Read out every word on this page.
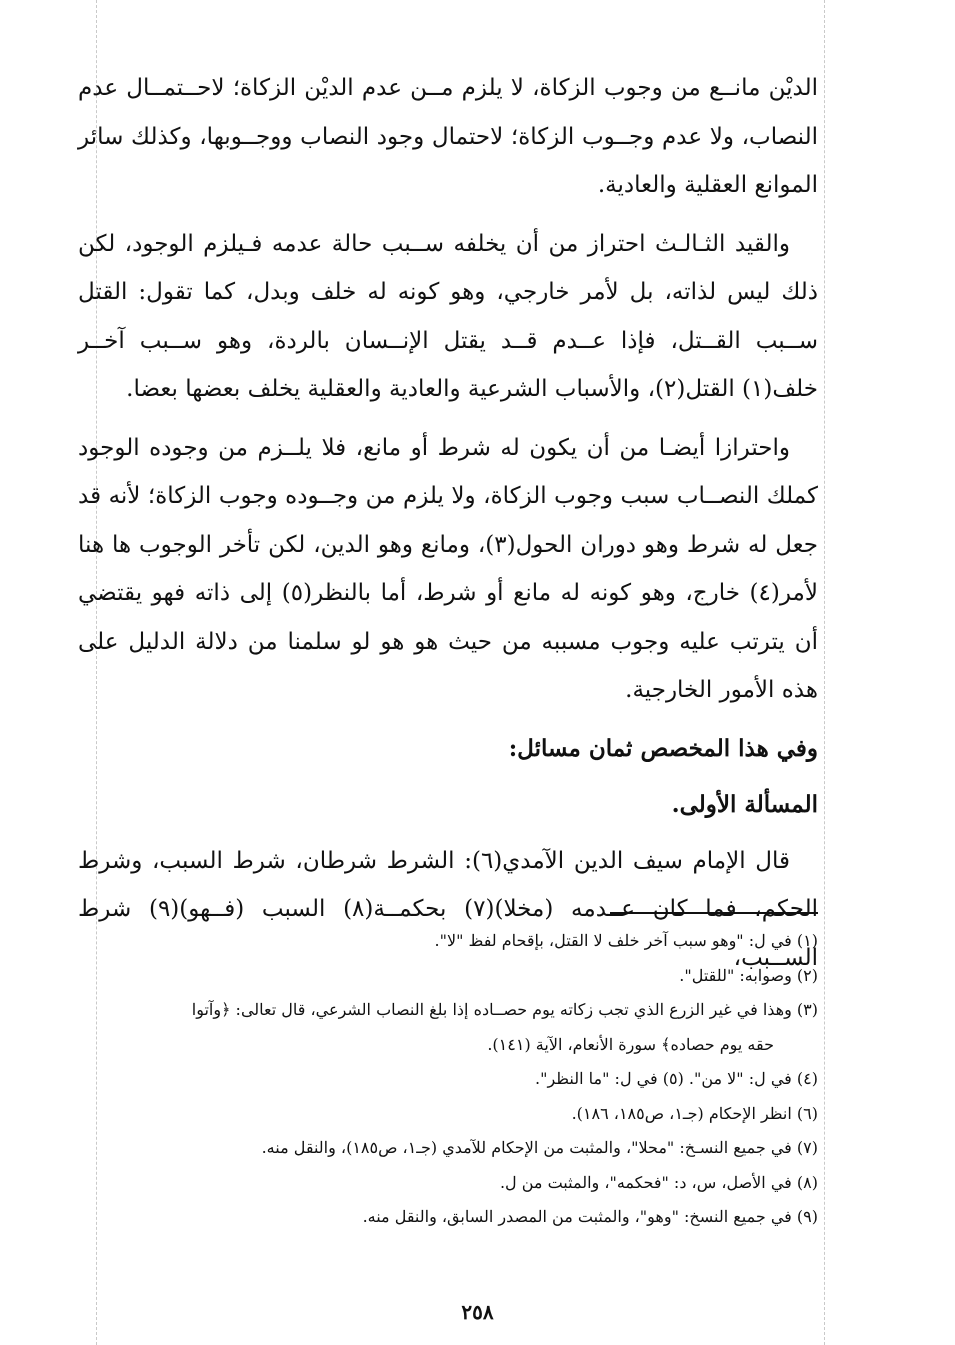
الديْن مانــع من وجوب الزكاة، لا يلزم مــن عدم الديْن الزكاة؛ لاحــتمــال عدم النصاب، ولا عدم وجــوب الزكاة؛ لاحتمال وجود النصاب ووجــوبها، وكذلك سائر الموانع العقلية والعادية.

والقيد الثـالـث احتراز من أن يخلفه ســبب حالة عدمه فـيلزم الوجود، لكن ذلك ليس لذاته، بل لأمر خارجي، وهو كونه له خلف وبدل، كما تقول: القتل ســبب القــتل، فإذا عــدم قــد يقتل الإنــسان بالردة، وهو ســبب آخــر خلف(١) القتل(٢)، والأسباب الشرعية والعادية والعقلية يخلف بعضها بعضا.

واحترازا أيضـا من أن يكون له شرط أو مانع، فلا يلــزم من وجوده الوجود كملك النصــاب سبب وجوب الزكاة، ولا يلزم من وجــوده وجوب الزكاة؛ لأنه قد جعل له شرط وهو دوران الحول(٣)، ومانع وهو الدين، لكن تأخر الوجوب ها هنا لأمر(٤) خارج، وهو كونه له مانع أو شرط، أما بالنظر(٥) إلى ذاته فهو يقتضي أن يترتب عليه وجوب مسببه من حيث هو هو لو سلمنا من دلالة الدليل على هذه الأمور الخارجية.

وفي هذا المخصص ثمان مسائل:
المسألة الأولى.

قال الإمام سيف الدين الآمدي(٦): الشرط شرطان، شرط السبب، وشرط الحكم، فما كان عــدمه (مخلا)(٧) بحكمــة(٨) السبب (فــهو)(٩) شرط الســبب،

(١) في ل: "وهو سبب آخر خلف لا القتل، بإقحام لفظ "لا".

(٢) وصوابه: "للقتل".

(٣) وهذا في غير الزرع الذي تجب زكاته يوم حصــاده إذا بلغ النصاب الشرعي، قال تعالى: ﴿وآتوا

حقه يوم حصاده﴾ سورة الأنعام، الآية (١٤١).

(٤) في ل: "لا من". (٥) في ل: "ما النظر".

(٦) انظر الإحكام (جـ١، ص١٨٥، ١٨٦).

(٧) في جميع النسـخ: "محلا"، والمثبت من الإحكام للآمدي (جـ١، ص١٨٥)، والنقل منه.

(٨) في الأصل، س، د: "فحكمه"، والمثبت من ل.

(٩) في جميع النسخ: "وهو"، والمثبت من المصدر السابق، والنقل منه.

٢٥٨
